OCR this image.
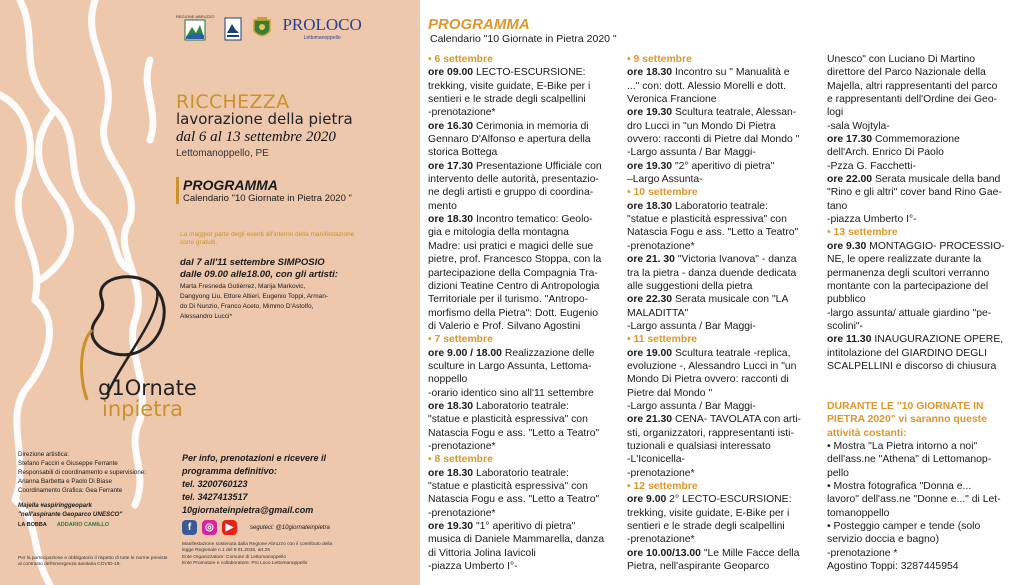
REGIONE ABRUZZO	PROLOCO
Lettomanoppello
RICCHEZZA
lavorazione della pietra
dal 6 al 13 settembre 2020
Lettomanoppello, PE
PROGRAMMA
Calendario "10 Giornate in Pietra 2020 "
La maggior parte degli eventi all'interno della manifestazione
sono gratuiti.
dal 7 all'11 settembre SIMPOSIO
dalle 09.00 alle18.00, con gli artisti:
Marta Fresneda Gutièrrez, Marija Markovic,
Dangyong Liu, Ettore Altieri, Eugenio Toppi, Arman-
do Di Nunzio, Franco Aceto, Mimmo D'Astolfo,
Alessandro Lucci*
g1Ornate
inpietra
Direzione artistica:
Stefano Facciri e Giuseppe Ferrante
Responsabili di coordinamento e supervisione:
Arianna Barbetta e Paolo Di Biase
Coordinamento Grafica: Gea Ferrante
Majella #aspiringgeopark
"nell'aspirante Geoparco UNESCO"
LA BOBBA ADDARIO CAMILLO
Per la partecipazione e obbligatorio il rispetto di tutte le norme previste al contrasto dell'emergenza sanitaria COVID-19.
Per info, prenotazioni e ricevere il
programma definitivo:
tel. 3200760123
tel. 3427413517
10giornateinpietra@gmail.com
f	◎	▶	seguteci: @10giornateinpietra
Manifestazione sostenuta dalla Regione Abruzzo con il contributo della
legge Regionale n.1 del 9.01.2015, art.25
Ente Organizzatore: Comune di Lettomanoppello
Ente Promotore e collaboratore: Pro Loco Lettomanoppello
PROGRAMMA
Calendario "10 Giornate in Pietra 2020 "
• 6 settembre
ore 09.00 LECTO-ESCURSIONE:
trekking, visite guidate, E-Bike per i
sentieri e le strade degli scalpellini
-prenotazione*
ore 16.30 Cerimonia in memoria di
Gennaro D'Alfonso e apertura della
storica Bottega
ore 17.30 Presentazione Ufficiale con
intervento delle autorità, presentazio-
ne degli artisti e gruppo di coordina-
mento
ore 18.30 Incontro tematico: Geolo-
gia e mitologia della montagna
Madre: usi pratici e magici delle sue
pietre, prof. Francesco Stoppa, con la
partecipazione della Compagnia Tra-
dizioni Teatine Centro di Antropologia
Territoriale per il turismo. "Antropo-
morfismo della Pietra": Dott. Eugenio
di Valerio e Prof. Silvano Agostini
• 7 settembre
ore 9.00 / 18.00 Realizzazione delle
sculture in Largo Assunta, Lettoma-
noppello
-orario identico sino all'11 settembre
ore 18.30 Laboratorio teatrale:
"statue e plasticità espressiva" con
Natascia Fogu e ass. "Letto a Teatro"
-prenotazione*
• 8 settembre
ore 18.30 Laboratorio teatrale:
"statue e plasticità espressiva" con
Natascia Fogu e ass. "Letto a Teatro"
-prenotazione*
ore 19.30 "1° aperitivo di pietra"
musica di Daniele Mammarella, danza
di Vittoria Jolina Iavicoli
-piazza Umberto I°-
• 9 settembre
ore 18.30 Incontro su " Manualità e
..." con: dott. Alessio Morelli e dott.
Veronica Francione
ore 19.30 Scultura teatrale, Alessan-
dro Lucci in "un Mondo Di Pietra
ovvero: racconti di Pietre dal Mondo "
-Largo assunta / Bar Maggi-
ore 19.30 "2° aperitivo di pietra"
–Largo Assunta-
• 10 settembre
ore 18.30 Laboratorio teatrale:
"statue e plasticità espressiva" con
Natascia Fogu e ass. "Letto a Teatro"
-prenotazione*
ore 21. 30 "Victoria Ivanova" - danza
tra la pietra - danza duende dedicata
alle suggestioni della pietra
ore 22.30 Serata musicale con "LA
MALADITTA"
-Largo assunta / Bar Maggi-
• 11 settembre
ore 19.00 Scultura teatrale -replica,
evoluzione -, Alessandro Lucci in "un
Mondo Di Pietra ovvero: racconti di
Pietre dal Mondo "
-Largo assunta / Bar Maggi-
ore 21.30 CENA- TAVOLATA con arti-
sti, organizzatori, rappresentanti isti-
tuzionali e qualsiasi interessato
-L'Iconicella-
-prenotazione*
• 12 settembre
ore 9.00 2° LECTO-ESCURSIONE:
trekking, visite guidate, E-Bike per i
sentieri e le strade degli scalpellini
-prenotazione*
ore 10.00/13.00 "Le Mille Facce della
Pietra, nell'aspirante Geoparco
Unesco" con Luciano Di Martino
direttore del Parco Nazionale della
Majella, altri rappresentanti del parco
e rappresentanti dell'Ordine dei Geo-
logi
-sala Wojtyla-
ore 17.30 Commemorazione
dell'Arch. Enrico Di Paolo
-Pzza G. Facchetti-
ore 22.00 Serata musicale della band
"Rino e gli altri" cover band Rino Gae-
tano
-piazza Umberto I°-
• 13 settembre
ore 9.30 MONTAGGIO- PROCESSIO-
NE, le opere realizzate durante la
permanenza degli scultori verranno
montante con la partecipazione del
pubblico
-largo assunta/ attuale giardino "pe-
scolini"-
ore 11.30 INAUGURAZIONE OPERE,
intitolazione del GIARDINO DEGLI
SCALPELLINI e discorso di chiusura

DURANTE LE "10 GIORNATE IN
PIETRA 2020" vi saranno queste
attività costanti:
• Mostra "La Pietra intorno a noi"
dell'ass.ne "Athena" di Lettomanop-
pello
• Mostra fotografica "Donna e...
lavoro" dell'ass.ne "Donne e..." di Let-
tomanoppello
• Posteggio camper e tende (solo
servizio doccia e bagno)
-prenotazione *
Agostino Toppi: 3287445954
